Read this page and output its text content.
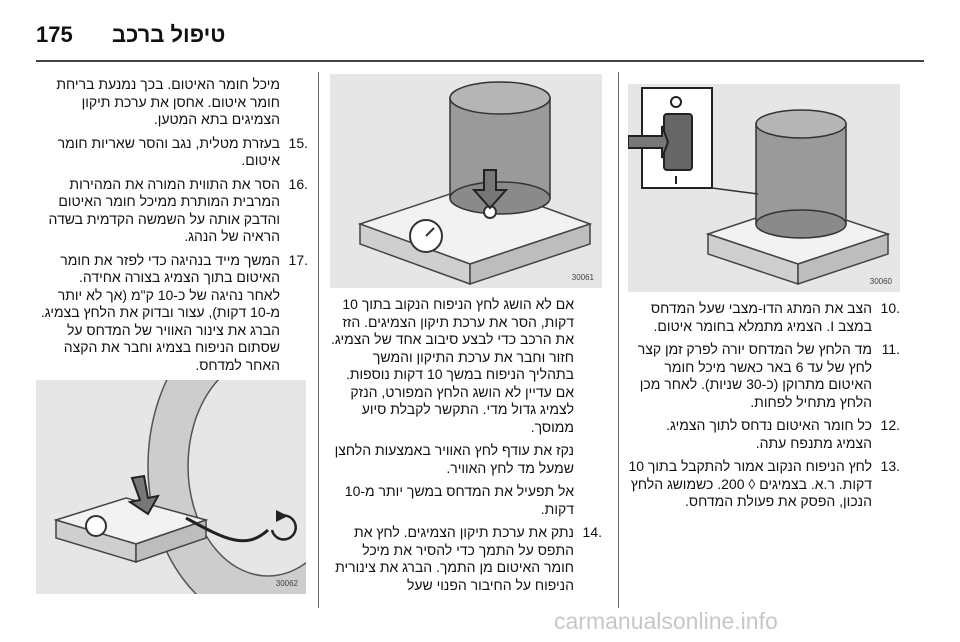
175 טיפול ברכב
30060
30061
30062
.10
הצב את המתג הדו-מצבי שעל המדחס במצב I. הצמיג מתמלא בחומר איטום.

.11
מד הלחץ של המדחס יורה לפרק זמן קצר לחץ של עד 6 באר כאשר מיכל חומר האיטום מתרוקן (כ-30 שניות). לאחר מכן הלחץ מתחיל לפחות.

.12
כל חומר האיטום נדחס לתוך הצמיג. הצמיג מתנפח עתה.

.13
לחץ הניפוח הנקוב אמור להתקבל בתוך 10 דקות. ר.א. בצמיגים ◊ 200. כשמושג הלחץ הנכון, הפסק את פעולת המדחס.

אם לא הושג לחץ הניפוח הנקוב בתוך 10 דקות, הסר את ערכת תיקון הצמיגים. הזז את הרכב כדי לבצע סיבוב אחד של הצמיג. חזור וחבר את ערכת התיקון והמשך בתהליך הניפוח במשך 10 דקות נוספות. אם עדיין לא הושג הלחץ המפורט, הנזק לצמיג גדול מדי. התקשר לקבלת סיוע ממוסך.

נקז את עודף לחץ האוויר באמצעות הלחצן שמעל מד לחץ האוויר.

אל תפעיל את המדחס במשך יותר מ-10 דקות.

.14
נתק את ערכת תיקון הצמיגים. לחץ את התפס על התמך כדי להסיר את מיכל חומר האיטום מן התמך. הברג את צינורית הניפוח על החיבור הפנוי שעל

מיכל חומר האיטום. בכך נמנעת בריחת חומר איטום. אחסן את ערכת תיקון הצמיגים בתא המטען.

.15
בעזרת מטלית, נגב והסר שאריות חומר איטום.

.16
הסר את התווית המורה את המהירות המרבית המותרת ממיכל חומר האיטום והדבק אותה על השמשה הקדמית בשדה הראיה של הנהג.

.17
המשך מייד בנהיגה כדי לפזר את חומר האיטום בתוך הצמיג בצורה אחידה.

לאחר נהיגה של כ-10 ק"מ (אך לא יותר מ-10 דקות), עצור ובדוק את הלחץ בצמיג. הברג את צינור האוויר של המדחס על שסתום הניפוח בצמיג וחבר את הקצה האחר למדחס.

carmanualsonline.info
